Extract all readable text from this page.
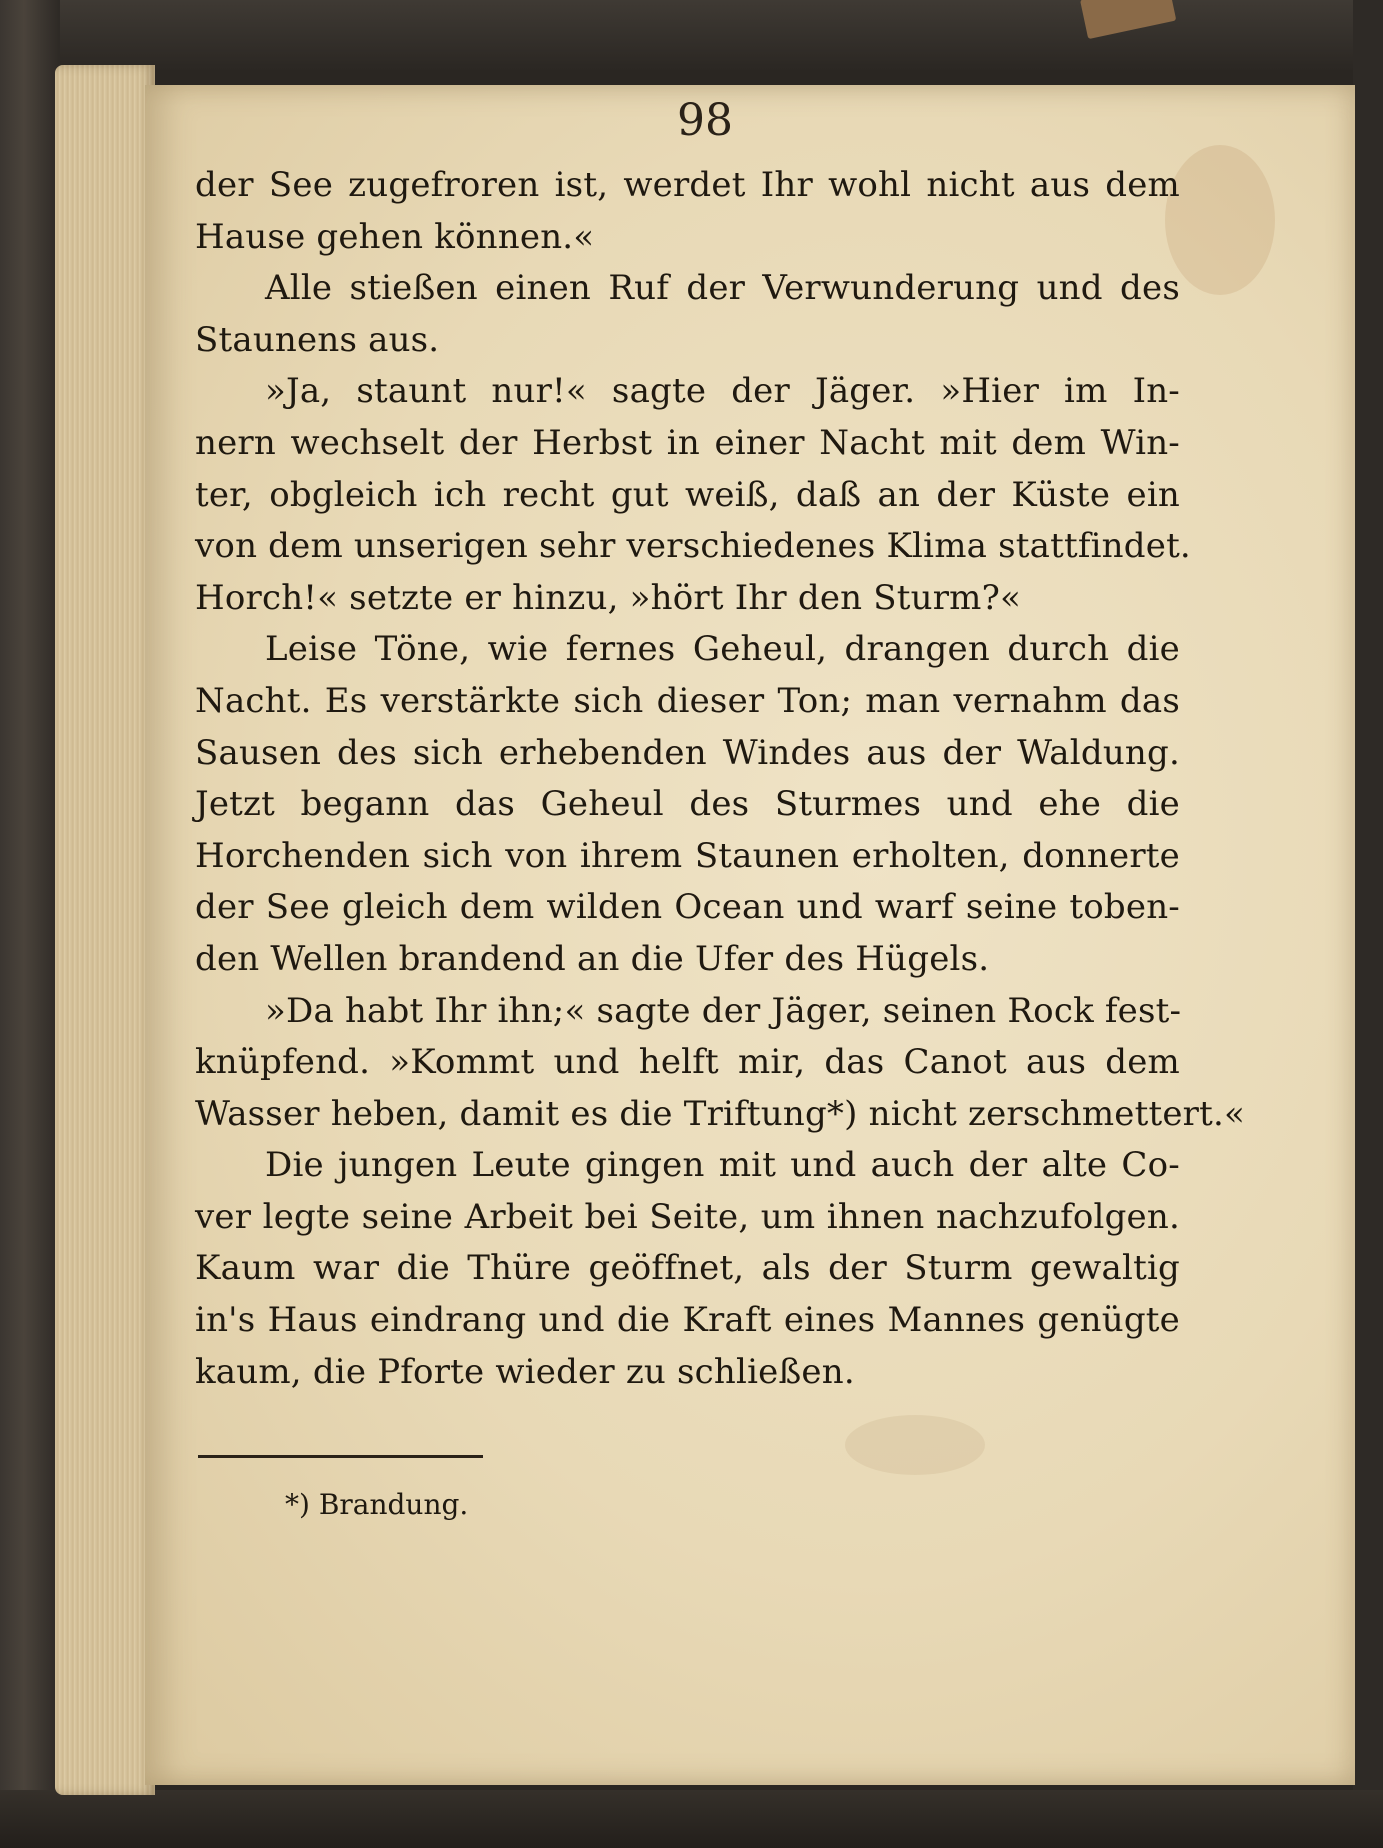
98
der See zugefroren ist, werdet Ihr wohl nicht aus dem
Hause gehen können.«
Alle stießen einen Ruf der Verwunderung und des
Staunens aus.
»Ja, staunt nur!« sagte der Jäger. »Hier im In-
nern wechselt der Herbst in einer Nacht mit dem Win-
ter, obgleich ich recht gut weiß, daß an der Küste ein
von dem unserigen sehr verschiedenes Klima stattfindet.
Horch!« setzte er hinzu, »hört Ihr den Sturm?«
Leise Töne, wie fernes Geheul, drangen durch die
Nacht. Es verstärkte sich dieser Ton; man vernahm das
Sausen des sich erhebenden Windes aus der Waldung.
Jetzt begann das Geheul des Sturmes und ehe die
Horchenden sich von ihrem Staunen erholten, donnerte
der See gleich dem wilden Ocean und warf seine toben-
den Wellen brandend an die Ufer des Hügels.
»Da habt Ihr ihn;« sagte der Jäger, seinen Rock fest-
knüpfend. »Kommt und helft mir, das Canot aus dem
Wasser heben, damit es die Triftung*) nicht zerschmettert.«
Die jungen Leute gingen mit und auch der alte Co-
ver legte seine Arbeit bei Seite, um ihnen nachzufolgen.
Kaum war die Thüre geöffnet, als der Sturm gewaltig
in's Haus eindrang und die Kraft eines Mannes genügte
kaum, die Pforte wieder zu schließen.
*) Brandung.
